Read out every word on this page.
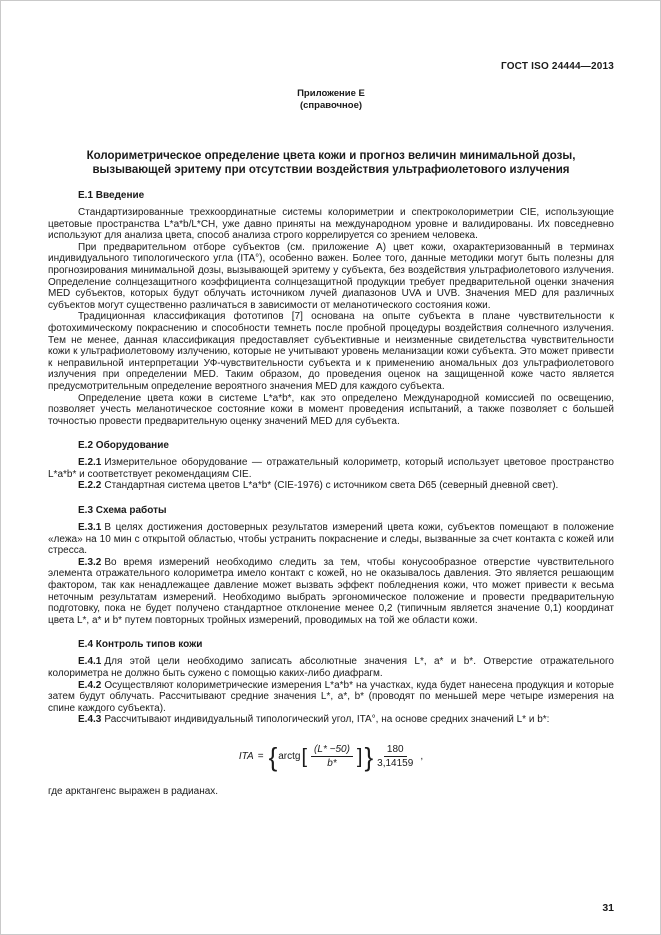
ГОСТ ISO 24444—2013
Приложение Е
(справочное)
Колориметрическое определение цвета кожи и прогноз величин минимальной дозы, вызывающей эритему при отсутствии воздействия ультрафиолетового излучения
Е.1 Введение

Стандартизированные трехкоординатные системы колориметрии и спектроколориметрии CIE, использующие цветовые пространства L*a*b/L*CH, уже давно приняты на международном уровне и валидированы. Их повседневно используют для анализа цвета, способ анализа строго коррелируется со зрением человека.

При предварительном отборе субъектов (см. приложение А) цвет кожи, охарактеризованный в терминах индивидуального типологического угла (ITA°), особенно важен. Более того, данные методики могут быть полезны для прогнозирования минимальной дозы, вызывающей эритему у субъекта, без воздействия ультрафиолетового излучения. Определение солнцезащитного коэффициента солнцезащитной продукции требует предварительной оценки значения MED субъектов, которых будут облучать источником лучей диапазонов UVA и UVB. Значения MED для различных субъектов могут существенно различаться в зависимости от меланотического состояния кожи.

Традиционная классификация фототипов [7] основана на опыте субъекта в плане чувствительности к фотохимическому покраснению и способности темнеть после пробной процедуры воздействия солнечного излучения. Тем не менее, данная классификация предоставляет субъективные и неизменные свидетельства чувствительности кожи к ультрафиолетовому излучению, которые не учитывают уровень меланизации кожи субъекта. Это может привести к неправильной интерпретации УФ-чувствительности субъекта и к применению аномальных доз ультрафиолетового излучения при определении MED. Таким образом, до проведения оценок на защищенной коже часто является предусмотрительным определение вероятного значения MED для каждого субъекта.

Определение цвета кожи в системе L*a*b*, как это определено Международной комиссией по освещению, позволяет учесть меланотическое состояние кожи в момент проведения испытаний, а также позволяет с большей точностью провести предварительную оценку значений MED для субъекта.

Е.2 Оборудование

Е.2.1 Измерительное оборудование — отражательный колориметр, который использует цветовое пространство L*a*b* и соответствует рекомендациям CIE.

Е.2.2 Стандартная система цветов L*a*b* (CIE-1976) с источником света D65 (северный дневной свет).

Е.3 Схема работы

Е.3.1 В целях достижения достоверных результатов измерений цвета кожи, субъектов помещают в положение «лежа» на 10 мин с открытой областью, чтобы устранить покраснение и следы, вызванные за счет контакта с кожей или стресса.

Е.3.2 Во время измерений необходимо следить за тем, чтобы конусообразное отверстие чувствительного элемента отражательного колориметра имело контакт с кожей, но не оказывалось давления. Это является решающим фактором, так как ненадлежащее давление может вызвать эффект побледнения кожи, что может привести к весьма неточным результатам измерений. Необходимо выбрать эргономическое положение и провести предварительную подготовку, пока не будет получено стандартное отклонение менее 0,2 (типичным является значение 0,1) координат цвета L*, а* и b* путем повторных тройных измерений, проводимых на той же области кожи.

Е.4 Контроль типов кожи

Е.4.1 Для этой цели необходимо записать абсолютные значения L*, а* и b*. Отверстие отражательного колориметра не должно быть сужено с помощью каких-либо диафрагм.

Е.4.2 Осуществляют колориметрические измерения L*a*b* на участках, куда будет нанесена продукция и которые затем будут облучать. Рассчитывают средние значения L*, a*, b* (проводят по меньшей мере четыре измерения на спине каждого субъекта).

Е.4.3 Рассчитывают индивидуальный типологический угол, ITA°, на основе средних значений L* и b*:

ITA = { arctg [ $\frac{(L* -50)}{b*}$ ] } $\frac{180}{3,14159}$ ,
где арктангенс выражен в радианах.
31
